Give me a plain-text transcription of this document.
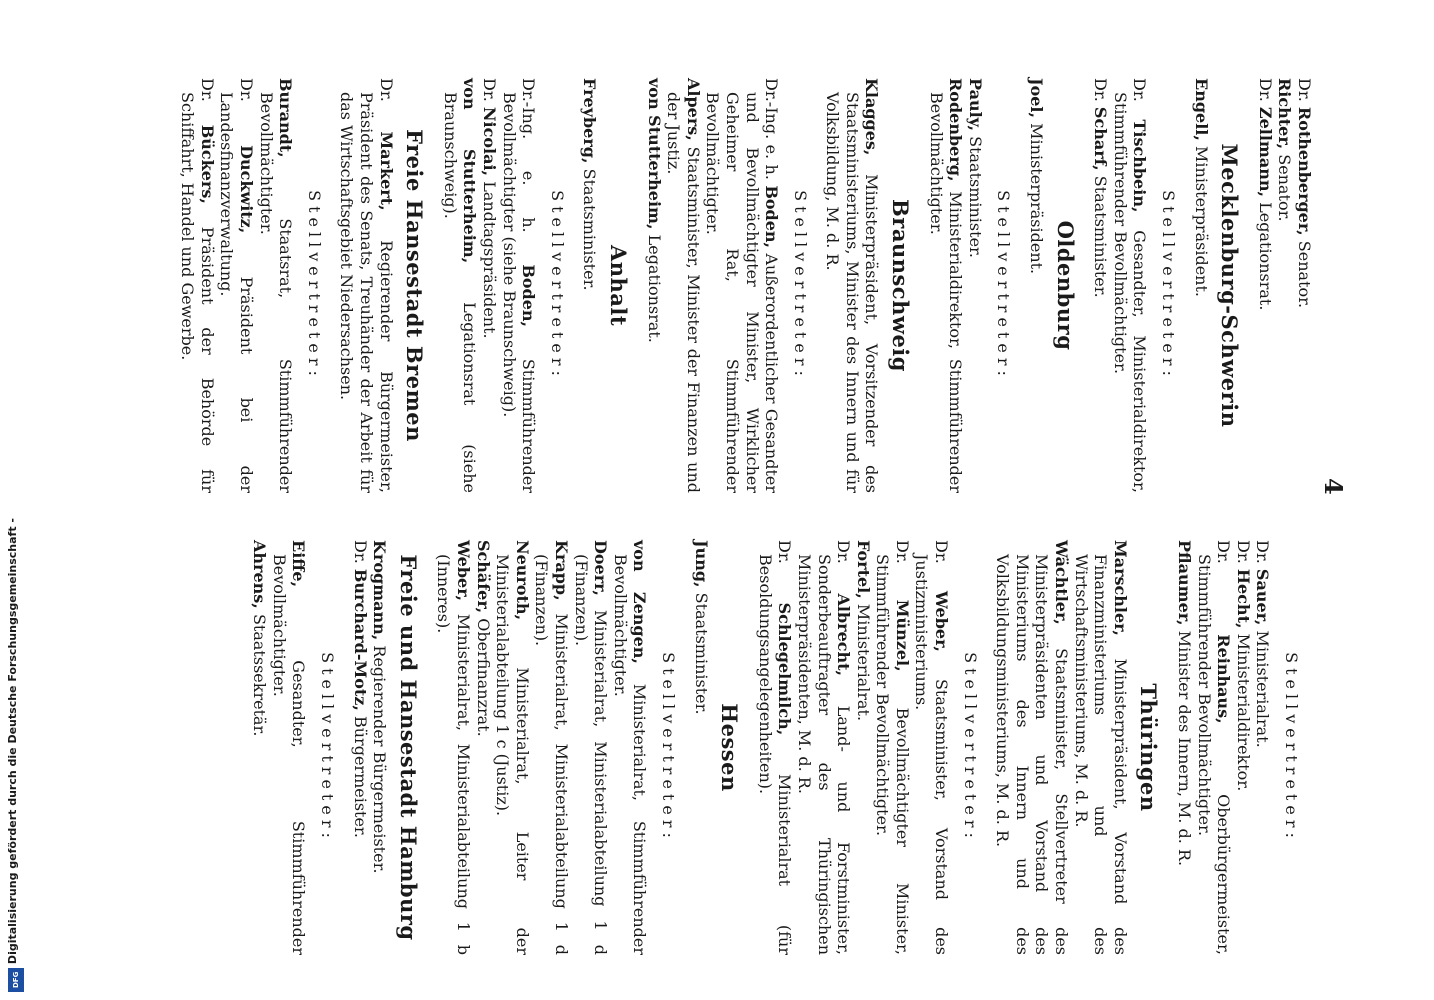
4
Stellvertreter:

Dr. Sauer, Ministerialrat.

Dr. Hecht, Ministerialdirektor.

Dr. Reinhaus, Oberbürgermeister, Stimmführender Bevollmächtigter.

Pflaumer, Minister des Innern, M. d. R.

Thüringen

Marschler, Ministerpräsident, Vorstand des Finanzministeriums und des Wirtschaftsministeriums, M. d. R.

Wächtler, Staatsminister, Stellvertreter des Ministerpräsidenten und Vorstand des Ministeriums des Innern und des Volksbildungsministeriums, M. d. R.

Stellvertreter:

Dr. Weber, Staatsminister, Vorstand des Justizministeriums.

Dr. Münzel, Bevollmächtigter Minister, Stimmführender Bevollmächtigter.

Fortel, Ministerialrat.

Dr. Albrecht, Land- und Forstminister, Sonderbeauftragter des Thüringischen Ministerpräsidenten, M. d. R.

Dr. Schlegelmilch, Ministerialrat (für Besoldungsangelegenheiten).

Hessen

Jung, Staatsminister.

Stellvertreter:

von Zengen, Ministerialrat, Stimmführender Bevollmächtigter.

Doerr, Ministerialrat, Ministerialabteilung 1 d (Finanzen).

Krapp, Ministerialrat, Ministerialabteilung 1 d (Finanzen).

Neuroth, Ministerialrat, Leiter der Ministerialabteilung 1 c (Justiz).

Schäfer, Oberfinanzrat.

Weber, Ministerialrat, Ministerialabteilung 1 b (Inneres).

Freie und Hansestadt Hamburg

Krogmann, Regierender Bürgermeister.

Dr. Burchard-Motz, Bürgermeister.

Stellvertreter:

Eiffe, Gesandter, Stimmführender Bevollmächtigter.

Ahrens, Staatssekretär.

Dr. Rothenberger, Senator.

Richter, Senator.

Dr. Zellmann, Legationsrat.

Mecklenburg-Schwerin

Engell, Ministerpräsident.

Stellvertreter:

Dr. Tischbein, Gesandter, Ministerialdirektor, Stimmführender Bevollmächtigter.

Dr. Scharf, Staatsminister.

Oldenburg

Joel, Ministerpräsident.

Stellvertreter:

Pauly, Staatsminister.

Rodenberg, Ministerialdirektor, Stimmführender Bevollmächtigter.

Braunschweig

Klagges, Ministerpräsident, Vorsitzender des Staatsministeriums, Minister des Innern und für Volksbildung, M. d. R.

Stellvertreter:

Dr.-Ing. e. h. Boden, Außerordentlicher Gesandter und Bevollmächtigter Minister, Wirklicher Geheimer Rat, Stimmführender Bevollmächtigter.

Alpers, Staatsminister, Minister der Finanzen und der Justiz.

von Stutterheim, Legationsrat.

Anhalt

Freyberg, Staatsminister.

Stellvertreter:

Dr.-Ing. e. h. Boden, Stimmführender Bevollmächtigter (siehe Braunschweig).

Dr. Nicolai, Landtagspräsident.

von Stutterheim, Legationsrat (siehe Braunschweig).

Freie Hansestadt Bremen

Dr. Markert, Regierender Bürgermeister, Präsident des Senats, Treuhänder der Arbeit für das Wirtschaftsgebiet Niedersachsen.

Stellvertreter:

Burandt, Staatsrat, Stimmführender Bevollmächtigter.

Dr. Duckwitz, Präsident bei der Landesfinanzverwaltung.

Dr. Bückers, Präsident der Behörde für Schiffahrt, Handel und Gewerbe.

Digitalisierung gefördert durch die Deutsche Forschungsgemeinschaft -
DFG
